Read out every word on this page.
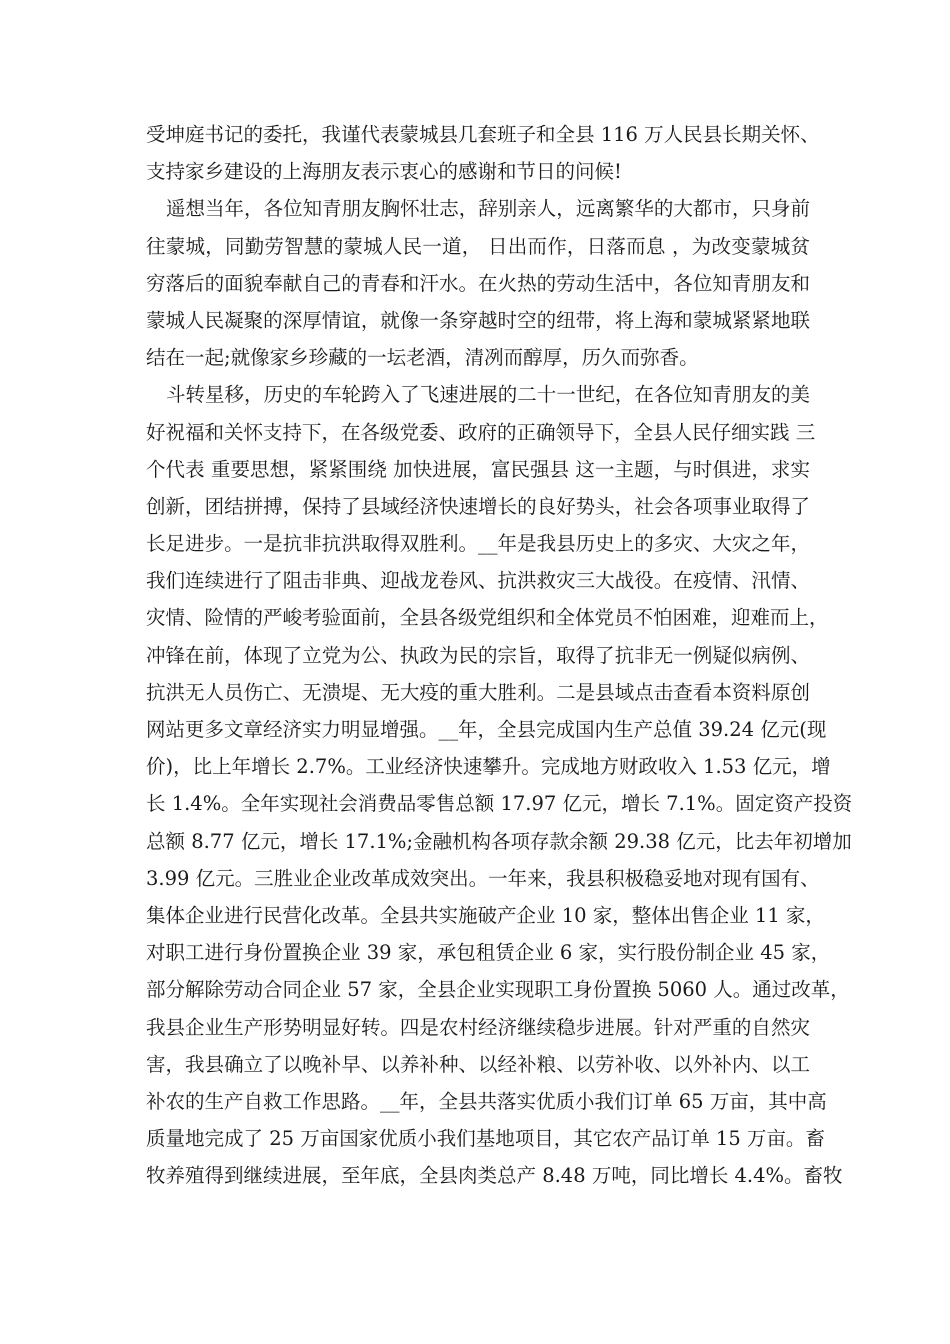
受坤庭书记的委托，我谨代表蒙城县几套班子和全县 116 万人民县长期关怀、
支持家乡建设的上海朋友表示衷心的感谢和节日的问候!
遥想当年，各位知青朋友胸怀壮志，辞别亲人，远离繁华的大都市，只身前
往蒙城，同勤劳智慧的蒙城人民一道， 日出而作，日落而息 ，为改变蒙城贫
穷落后的面貌奉献自己的青春和汗水。在火热的劳动生活中，各位知青朋友和
蒙城人民凝聚的深厚情谊，就像一条穿越时空的纽带，将上海和蒙城紧紧地联
结在一起;就像家乡珍藏的一坛老酒，清冽而醇厚，历久而弥香。
斗转星移，历史的车轮跨入了飞速进展的二十一世纪，在各位知青朋友的美
好祝福和关怀支持下，在各级党委、政府的正确领导下，全县人民仔细实践 三
个代表 重要思想，紧紧围绕 加快进展，富民强县 这一主题，与时俱进，求实
创新，团结拼搏，保持了县域经济快速增长的良好势头，社会各项事业取得了
长足进步。一是抗非抗洪取得双胜利。__年是我县历史上的多灾、大灾之年，
我们连续进行了阻击非典、迎战龙卷风、抗洪救灾三大战役。在疫情、汛情、
灾情、险情的严峻考验面前，全县各级党组织和全体党员不怕困难，迎难而上，
冲锋在前，体现了立党为公、执政为民的宗旨，取得了抗非无一例疑似病例、
抗洪无人员伤亡、无溃堤、无大疫的重大胜利。二是县域点击查看本资料原创
网站更多文章经济实力明显增强。__年，全县完成国内生产总值 39.24 亿元(现
价)，比上年增长 2.7%。工业经济快速攀升。完成地方财政收入 1.53 亿元，增
长 1.4%。全年实现社会消费品零售总额 17.97 亿元，增长 7.1%。固定资产投资
总额 8.77 亿元，增长 17.1%;金融机构各项存款余额 29.38 亿元，比去年初增加
3.99 亿元。三胜业企业改革成效突出。一年来，我县积极稳妥地对现有国有、
集体企业进行民营化改革。全县共实施破产企业 10 家，整体出售企业 11 家，
对职工进行身份置换企业 39 家，承包租赁企业 6 家，实行股份制企业 45 家，
部分解除劳动合同企业 57 家，全县企业实现职工身份置换 5060 人。通过改革，
我县企业生产形势明显好转。四是农村经济继续稳步进展。针对严重的自然灾
害，我县确立了以晚补早、以养补种、以经补粮、以劳补收、以外补内、以工
补农的生产自救工作思路。__年，全县共落实优质小我们订单 65 万亩，其中高
质量地完成了 25 万亩国家优质小我们基地项目，其它农产品订单 15 万亩。畜
牧养殖得到继续进展，至年底，全县肉类总产 8.48 万吨，同比增长 4.4%。畜牧
